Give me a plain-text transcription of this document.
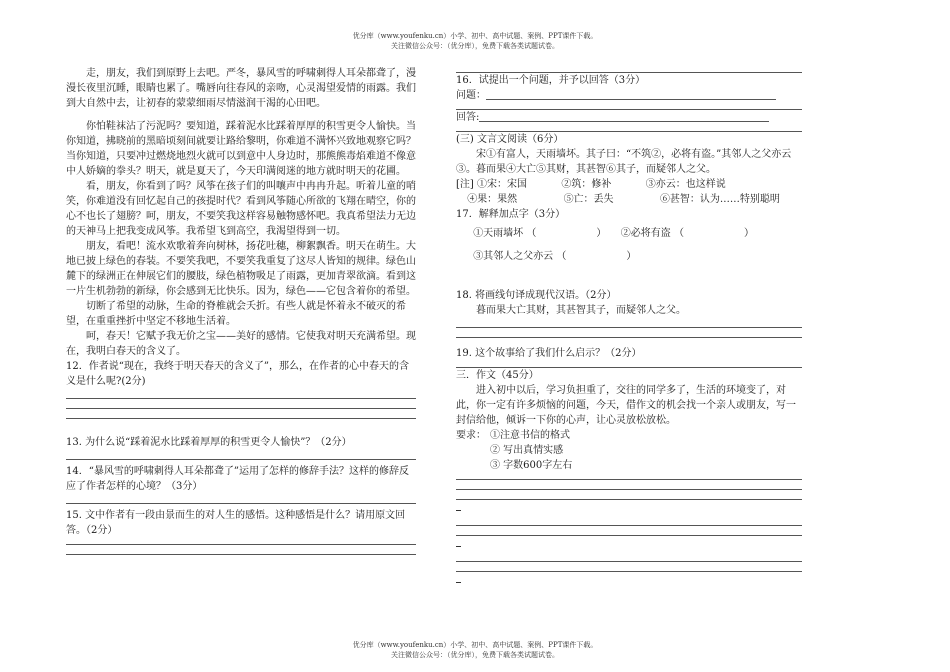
优分库（www.youfenku.cn）小学、初中、高中试题、案例、PPT课件下载。
关注微信公众号：（优分库），免费下载各类试题试卷。

走，朋友，我们到原野上去吧。严冬，暴风雪的呼啸刺得人耳朵都聋了，漫漫长夜里沉睡，眼睛也累了。嘴唇向往春风的亲吻，心灵渴望爱情的雨露。我们到大自然中去，让初春的蒙蒙细雨尽情滋润干渴的心田吧。

你怕鞋袜沾了污泥吗？要知道，踩着泥水比踩着厚厚的积雪更令人愉快。当你知道，拂晓前的黑暗顷刻间就要让路给黎明，你难道不满怀兴致地观察它吗？当你知道，只要冲过燃烧地烈火就可以到意中人身边时，那熊熊毒焰难道不像意中人娇嫡的拳头？明天，就是夏天了，今天印满阅迷的地方就时明天的花圃。

看，朋友，你看到了吗？风筝在孩子们的叫嚷声中冉冉升起。听着儿童的哨笑，你难道没有回忆起自己的孩提时代？看到风筝随心所欲的飞翔在晴空，你的心不也长了翅膀？呵，朋友，不要笑我这样容易触物感怀吧。我真希望法力无边的天神马上把我变成风筝。我希望飞到高空，我渴望得到一切。

朋友，看吧！流水欢歌着奔向树林，扬花吐穗，柳絮飘香。明天在萌生。大地已披上绿色的春装。不要笑我吧，不要笑我重复了这尽人皆知的规律。绿色山麓下的绿洲正在伸展它们的腰肢，绿色植物吸足了雨露，更加青翠欲滴。看到这一片生机勃勃的新绿，你会感到无比快乐。因为，绿色——它包含着你的希望。

切断了希望的动脉，生命的脊椎就会夭折。有些人就是怀着永不破灭的希望，在重重挫折中坚定不移地生活着。

呵，春天！它赋予我无价之宝——美好的感情。它使我对明天充满希望。现在，我明白春天的含义了。

12．作者说“现在，我终于明天春天的含义了”，那么，在作者的心中春天的含义是什么呢?(2分)

13. 为什么说“踩着泥水比踩着厚厚的积雪更令人愉快”？（2分）

14．“暴风雪的呼啸刺得人耳朵都聋了”运用了怎样的修辞手法？这样的修辞反应了作者怎样的心境？（3分）

15. 文中作者有一段由景而生的对人生的感悟。这种感悟是什么？请用原文回答。（2分）

16．试提出一个问题，并予以回答（3分）

问题：
回答:

(三) 文言文阅读（6分）

宋①有富人，天雨墙坏。其子曰：“不筑②，必将有盗。”其邻人之父亦云③。暮而果④大亡⑤其财，其甚智⑥其子，而疑邻人之父。

[注] ①宋：宋国	②筑：修补	③亦云：也这样说
④果：果然	⑤亡：丢失	⑥甚智：认为……特别聪明

17．解释加点字（3分）

①天雨墙坏 （	） ②必将有盗 （	）
③其邻人之父亦云 （	）

18. 将画线句译成现代汉语。（2分）

暮而果大亡其财，其甚智其子，而疑邻人之父。

19. 这个故事给了我们什么启示？（2分）

三．作文（45分）

进入初中以后，学习负担重了，交往的同学多了，生活的环境变了，对此，你一定有许多烦恼的问题，今天，借作文的机会找一个亲人或朋友，写一封信给他，倾诉一下你的心声，让心灵放松放松。

要求： ①注意书信的格式

② 写出真情实感

③ 字数600字左右

优分库（www.youfenku.cn）小学、初中、高中试题、案例、PPT课件下载。
关注微信公众号：（优分库），免费下载各类试题试卷。
